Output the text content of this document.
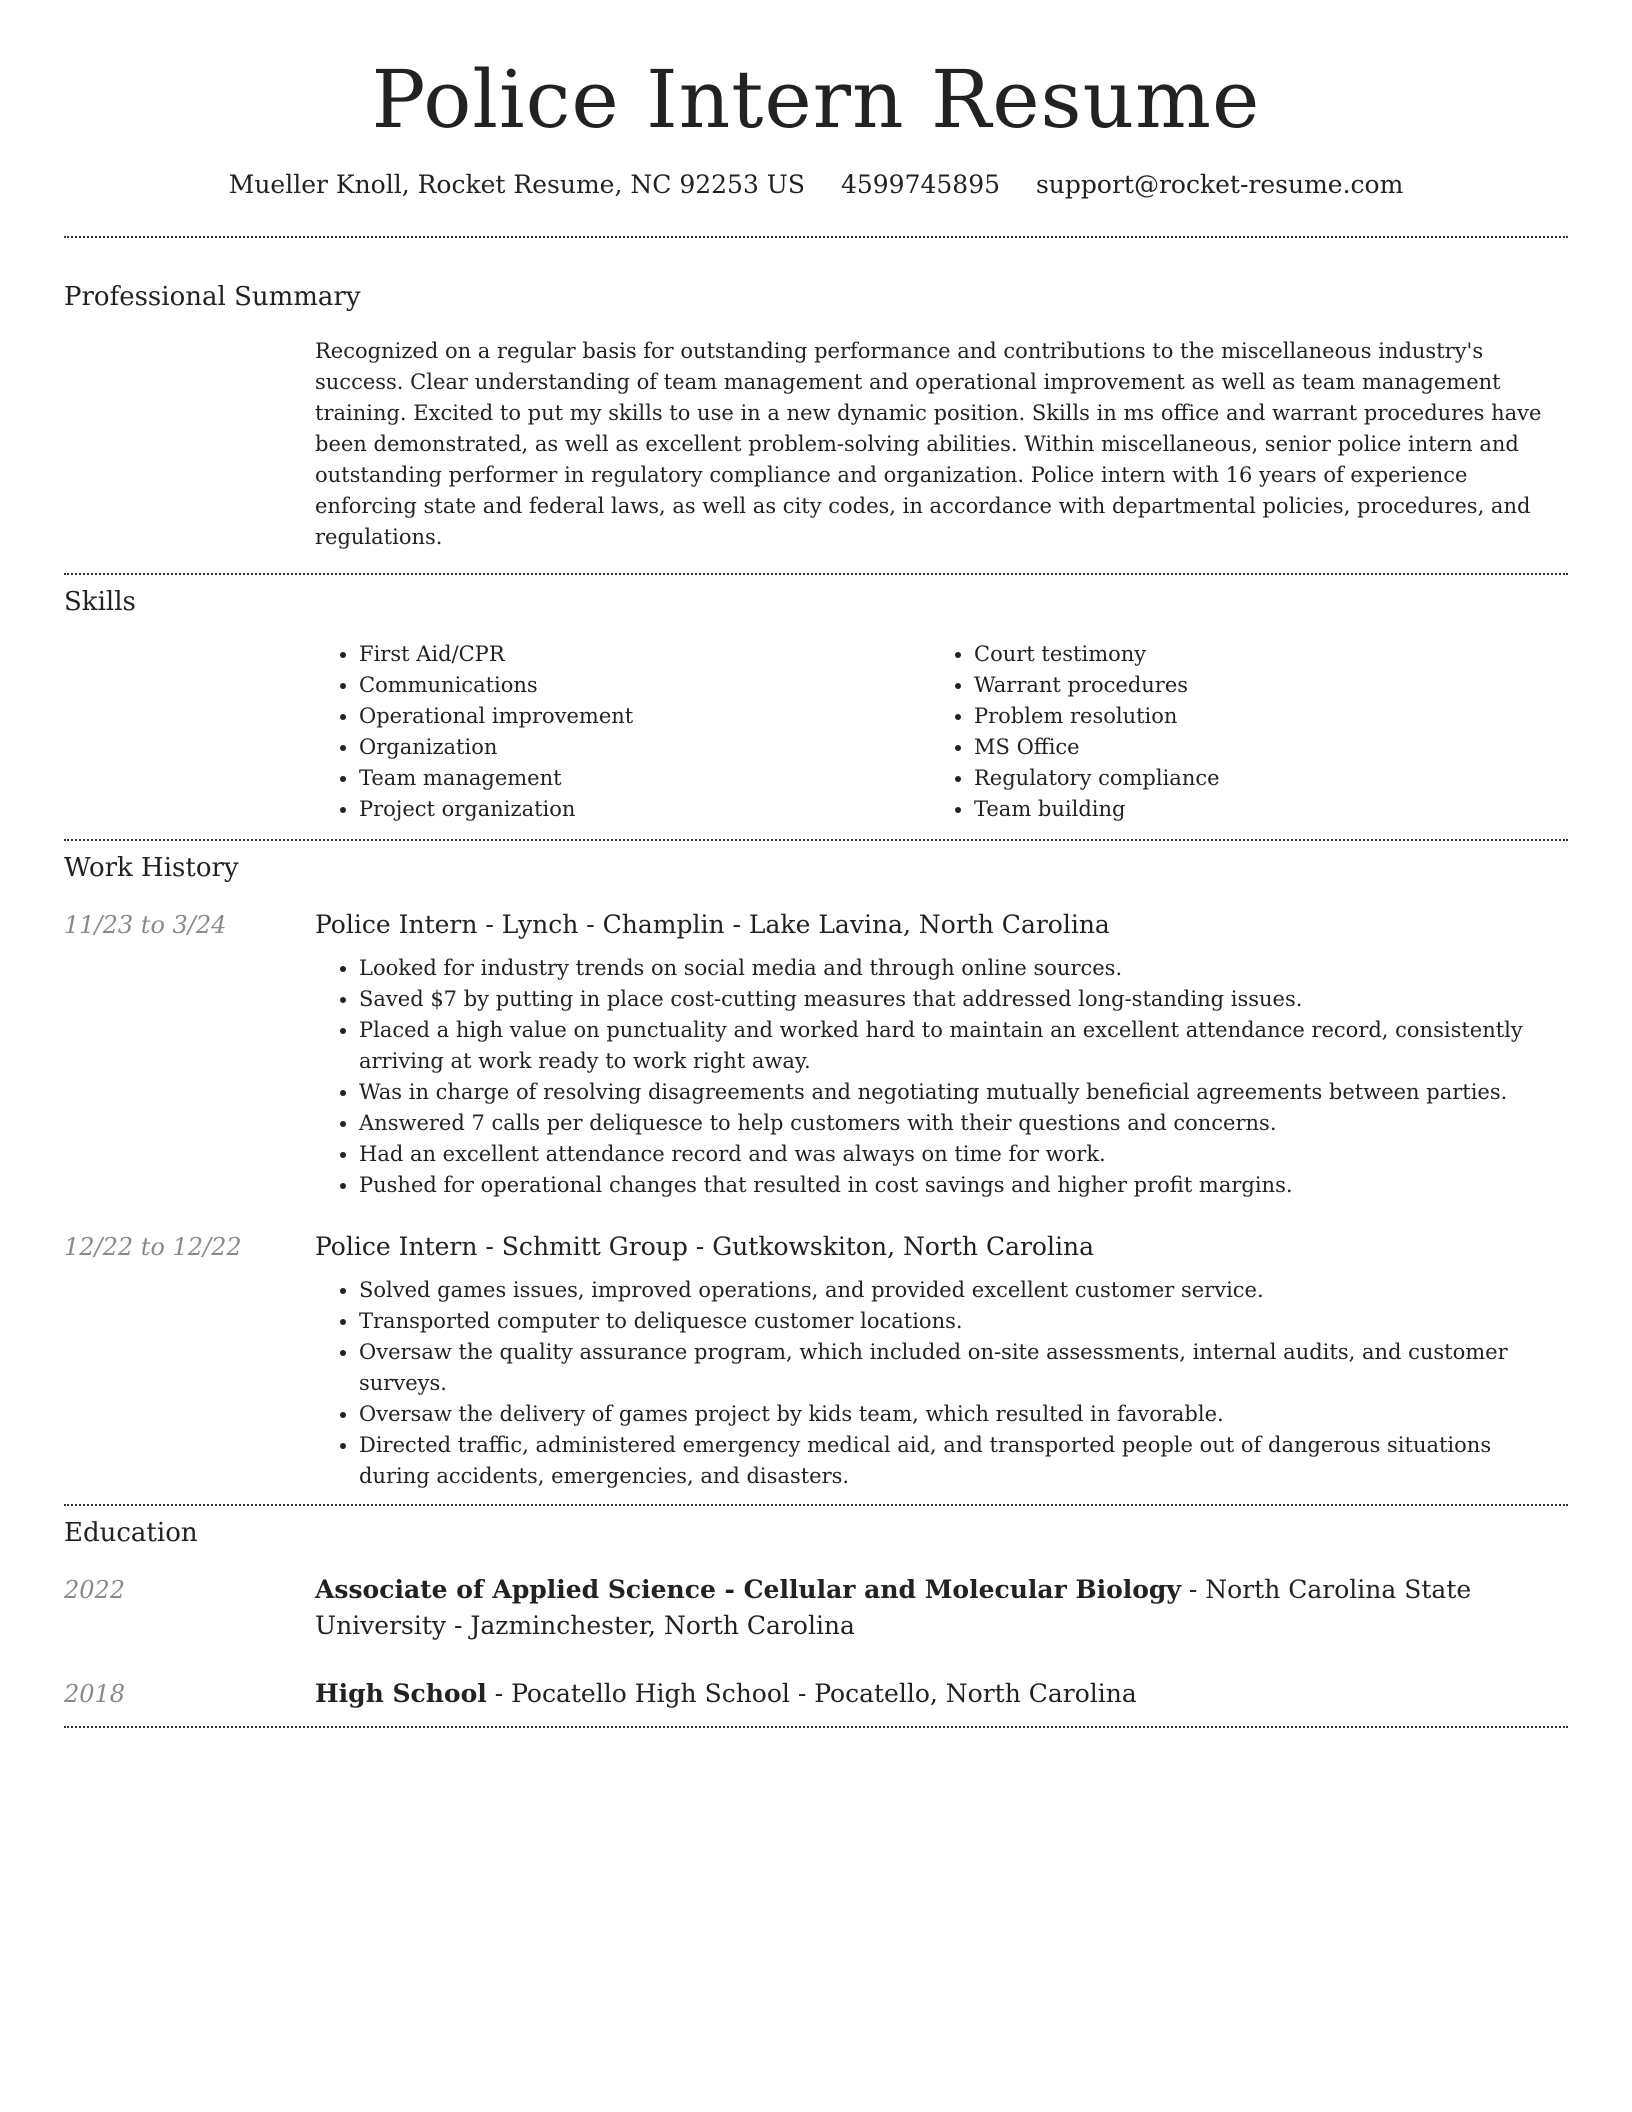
Police Intern Resume
Mueller Knoll, Rocket Resume, NC 92253 US 4599745895 support@rocket-resume.com
Professional Summary
Recognized on a regular basis for outstanding performance and contributions to the miscellaneous industry's success. Clear understanding of team management and operational improvement as well as team management training. Excited to put my skills to use in a new dynamic position. Skills in ms office and warrant procedures have been demonstrated, as well as excellent problem-solving abilities. Within miscellaneous, senior police intern and outstanding performer in regulatory compliance and organization. Police intern with 16 years of experience enforcing state and federal laws, as well as city codes, in accordance with departmental policies, procedures, and regulations.
Skills
• First Aid/CPR
• Communications
• Operational improvement
• Organization
• Team management
• Project organization
• Court testimony
• Warrant procedures
• Problem resolution
• MS Office
• Regulatory compliance
• Team building
Work History
11/23 to 3/24	Police Intern - Lynch - Champlin - Lake Lavina, North Carolina
• Looked for industry trends on social media and through online sources.
• Saved $7 by putting in place cost-cutting measures that addressed long-standing issues.
• Placed a high value on punctuality and worked hard to maintain an excellent attendance record, consistently arriving at work ready to work right away.
• Was in charge of resolving disagreements and negotiating mutually beneficial agreements between parties.
• Answered 7 calls per deliquesce to help customers with their questions and concerns.
• Had an excellent attendance record and was always on time for work.
• Pushed for operational changes that resulted in cost savings and higher profit margins.
12/22 to 12/22	Police Intern - Schmitt Group - Gutkowskiton, North Carolina
• Solved games issues, improved operations, and provided excellent customer service.
• Transported computer to deliquesce customer locations.
• Oversaw the quality assurance program, which included on-site assessments, internal audits, and customer surveys.
• Oversaw the delivery of games project by kids team, which resulted in favorable.
• Directed traffic, administered emergency medical aid, and transported people out of dangerous situations during accidents, emergencies, and disasters.
Education
2022	Associate of Applied Science - Cellular and Molecular Biology - North Carolina State University - Jazminchester, North Carolina
2018	High School - Pocatello High School - Pocatello, North Carolina
